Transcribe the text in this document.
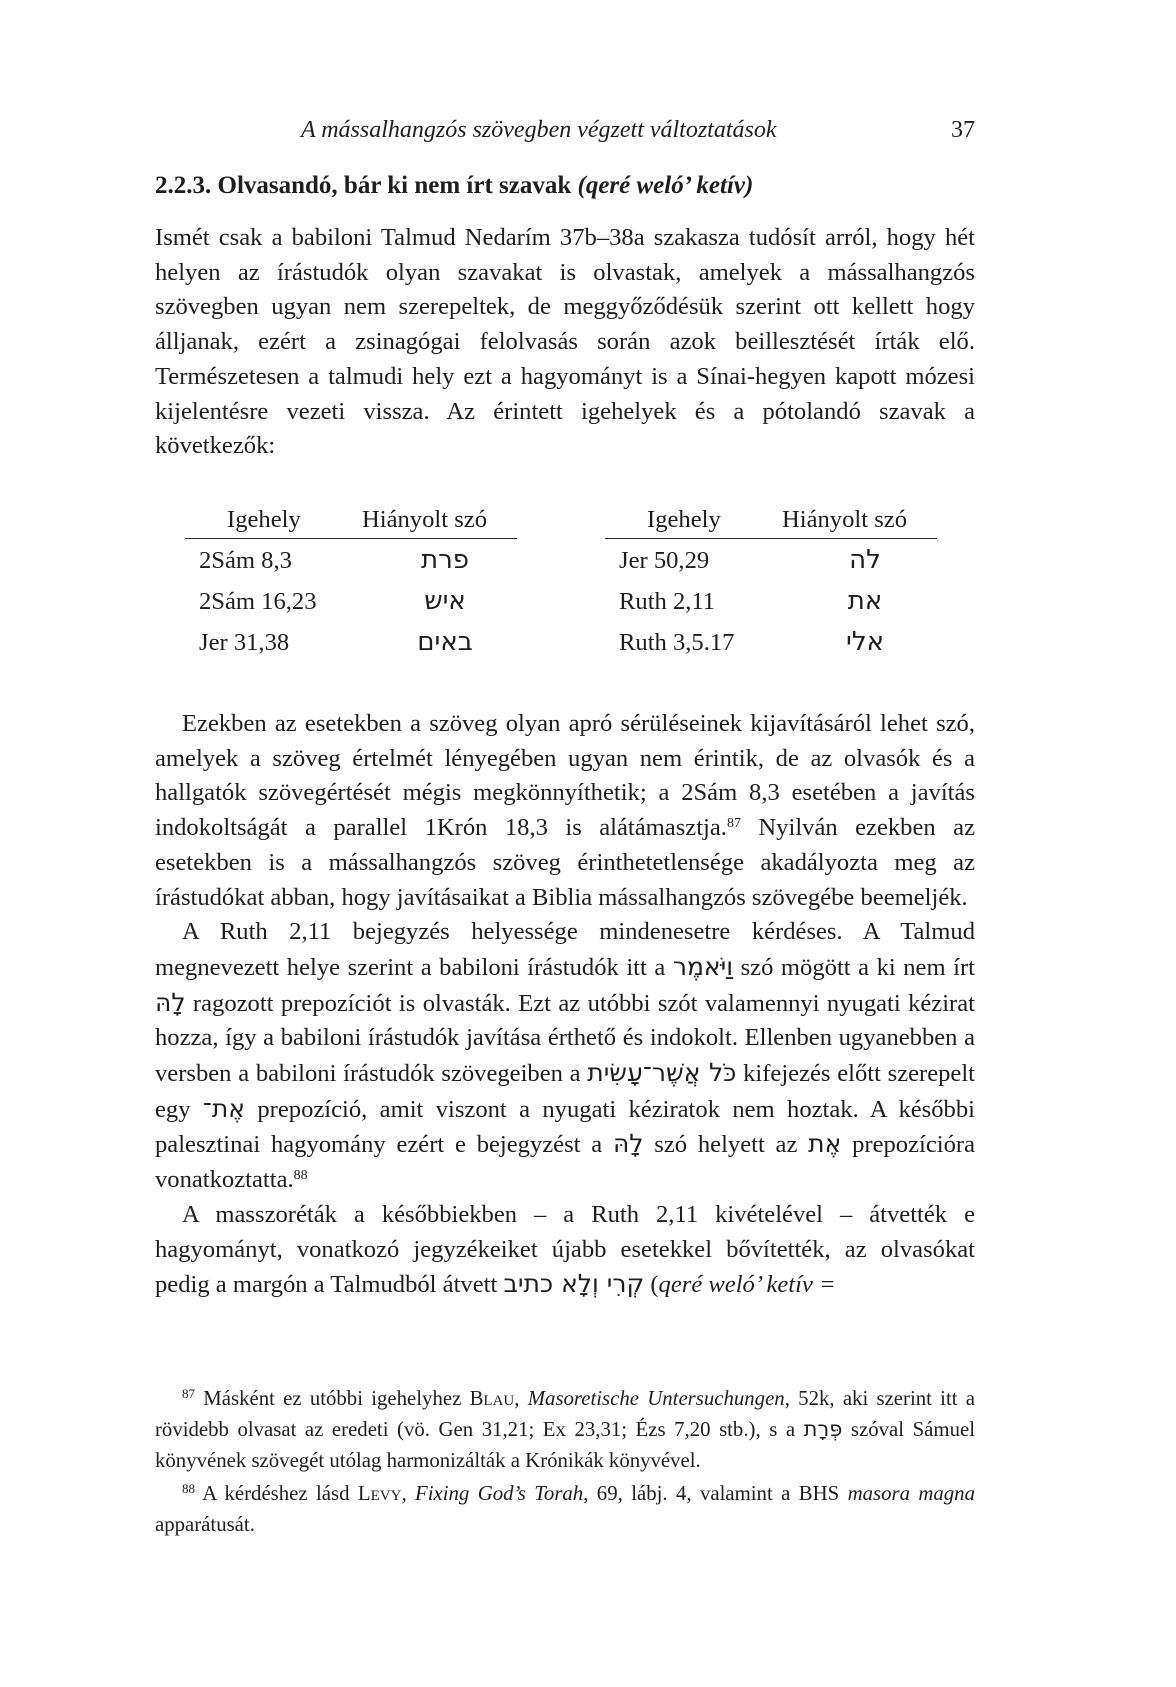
A mássalhangzós szövegben végzett változtatások	37
2.2.3. Olvasandó, bár ki nem írt szavak (qeré weló’ ketív)

Ismét csak a babiloni Talmud Nedarím 37b–38a szakasza tudósít arról, hogy hét helyen az írástudók olyan szavakat is olvastak, amelyek a mássalhangzós szövegben ugyan nem szerepeltek, de meggyőződésük szerint ott kellett hogy álljanak, ezért a zsinagógai felolvasás során azok beillesztését írták elő. Természetesen a talmudi hely ezt a hagyományt is a Sínai-hegyen kapott mózesi kijelentésre vezeti vissza. Az érintett igehelyek és a pótolandó szavak a következők:

Igehely Hiányolt szó
2Sám 8,3	פרת
2Sám 16,23	איש
Jer 31,38	באים
Igehely Hiányolt szó
Jer 50,29	לה
Ruth 2,11	את
Ruth 3,5.17	אלי

Ezekben az esetekben a szöveg olyan apró sérüléseinek kijavításáról lehet szó, amelyek a szöveg értelmét lényegében ugyan nem érintik, de az olvasók és a hallgatók szövegértését mégis megkönnyíthetik; a 2Sám 8,3 esetében a javítás indokoltságát a parallel 1Krón 18,3 is alátámasztja.$^{87}$ Nyilván ezekben az esetekben is a mássalhangzós szöveg érinthetetlensége akadályozta meg az írástudókat abban, hogy javításaikat a Biblia mássalhangzós szövegébe beemeljék.

A Ruth 2,11 bejegyzés helyessége mindenesetre kérdéses. A Talmud megnevezett helye szerint a babiloni írástudók itt a וַיֹּאמֶר szó mögött a ki nem írt לָהּ ragozott prepozíciót is olvasták. Ezt az utóbbi szót valamennyi nyugati kézirat hozza, így a babiloni írástudók javítása érthető és indokolt. Ellenben ugyanebben a versben a babiloni írástudók szövegeiben a כֹּל אֲשֶׁר־עָשִׂית kifejezés előtt szerepelt egy אֶת־ prepozíció, amit viszont a nyugati kéziratok nem hoztak. A későbbi palesztinai hagyomány ezért e bejegyzést a לָהּ szó helyett az אֶת prepozícióra vonatkoztatta.$^{88}$

A masszoréták a későbbiekben – a Ruth 2,11 kivételével – átvették e hagyományt, vonatkozó jegyzékeiket újabb esetekkel bővítették, az olvasókat pedig a margón a Talmudból átvett קְרִי וְלָא כתיב (qeré weló’ ketív =

$^{87}$ Másként ez utóbbi igehelyhez Blau, Masoretische Untersuchungen, 52k, aki szerint itt a rövidebb olvasat az eredeti (vö. Gen 31,21; Ex 23,31; Ézs 7,20 stb.), s a פְּרָת szóval Sámuel könyvének szövegét utólag harmonizálták a Krónikák könyvével.

$^{88}$ A kérdéshez lásd Levy, Fixing God’s Torah, 69, lábj. 4, valamint a BHS masora magna apparátusát.
